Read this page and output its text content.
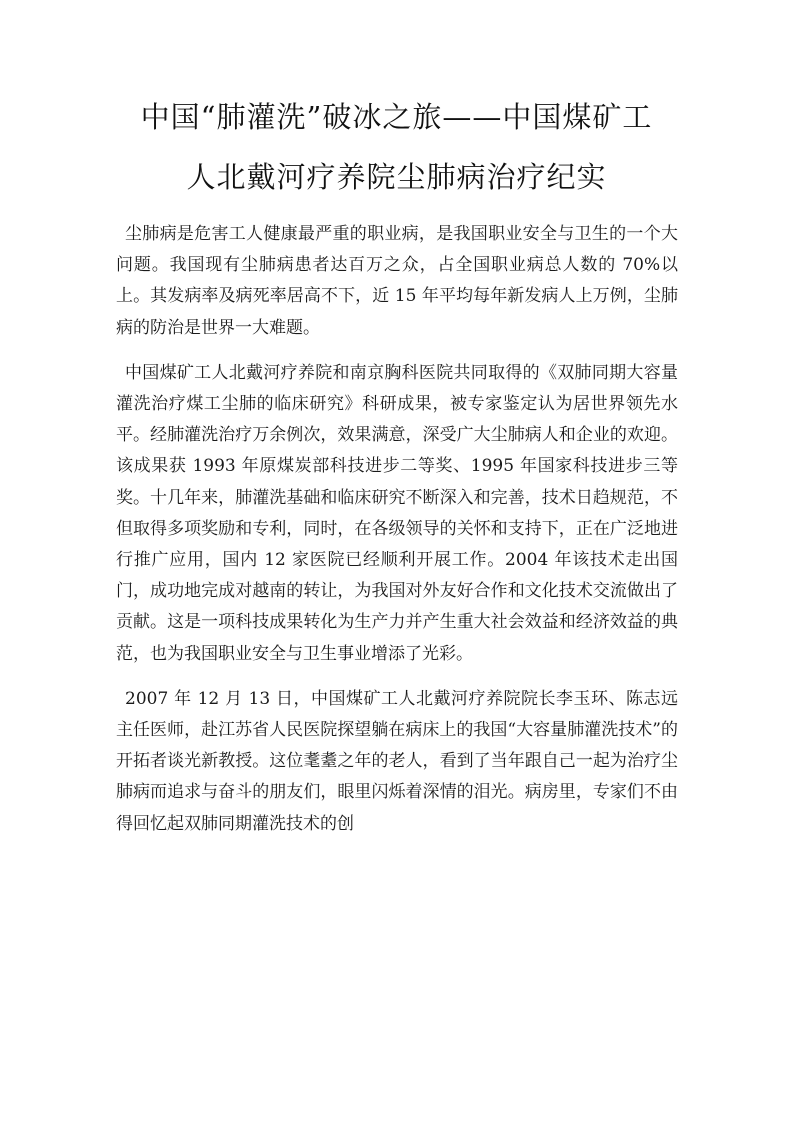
中国“肺灌洗”破冰之旅——中国煤矿工
人北戴河疗养院尘肺病治疗纪实

尘肺病是危害工人健康最严重的职业病，是我国职业安全与卫生的一个大问题。我国现有尘肺病患者达百万之众，占全国职业病总人数的 70%以上。其发病率及病死率居高不下，近 15 年平均每年新发病人上万例，尘肺病的防治是世界一大难题。

中国煤矿工人北戴河疗养院和南京胸科医院共同取得的《双肺同期大容量灌洗治疗煤工尘肺的临床研究》科研成果，被专家鉴定认为居世界领先水平。经肺灌洗治疗万余例次，效果满意，深受广大尘肺病人和企业的欢迎。该成果获 1993 年原煤炭部科技进步二等奖、1995 年国家科技进步三等奖。十几年来，肺灌洗基础和临床研究不断深入和完善，技术日趋规范，不但取得多项奖励和专利，同时，在各级领导的关怀和支持下，正在广泛地进行推广应用，国内 12 家医院已经顺利开展工作。2004 年该技术走出国门，成功地完成对越南的转让，为我国对外友好合作和文化技术交流做出了贡献。这是一项科技成果转化为生产力并产生重大社会效益和经济效益的典范，也为我国职业安全与卫生事业增添了光彩。

2007 年 12 月 13 日，中国煤矿工人北戴河疗养院院长李玉环、陈志远主任医师，赴江苏省人民医院探望躺在病床上的我国“大容量肺灌洗技术”的开拓者谈光新教授。这位耄耋之年的老人，看到了当年跟自己一起为治疗尘肺病而追求与奋斗的朋友们，眼里闪烁着深情的泪光。病房里，专家们不由得回忆起双肺同期灌洗技术的创
